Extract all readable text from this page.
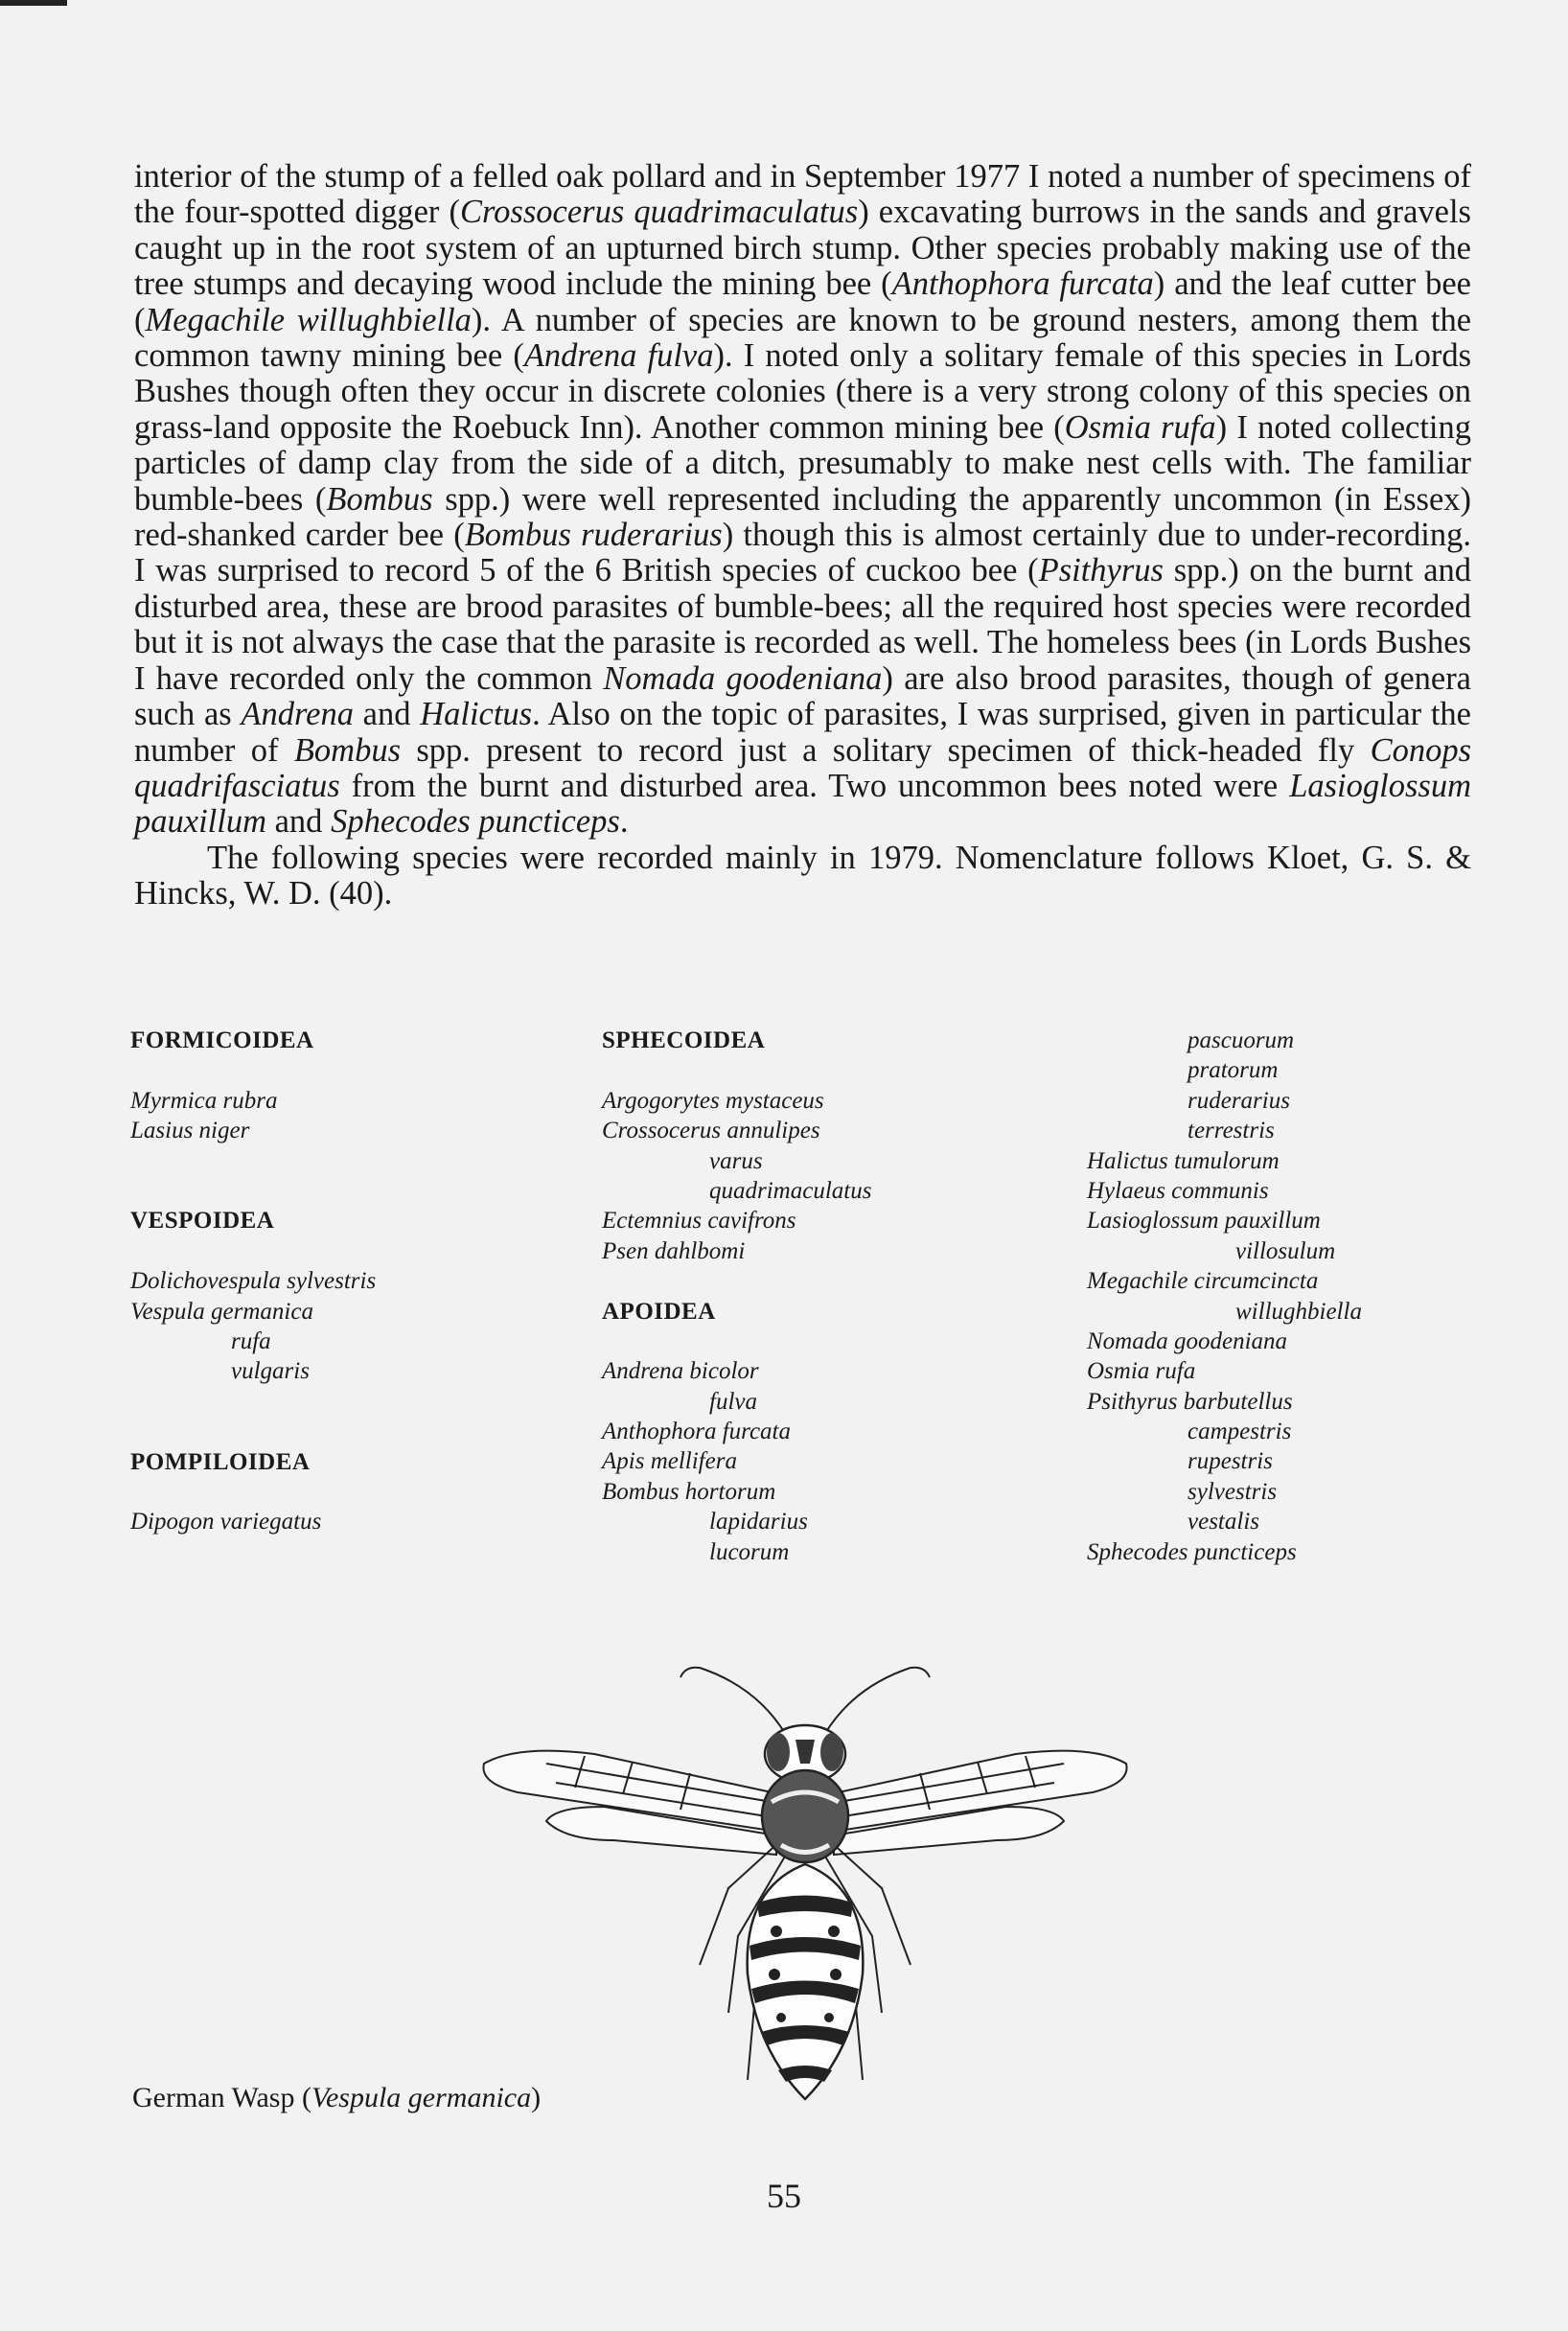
interior of the stump of a felled oak pollard and in September 1977 I noted a number of specimens of the four-spotted digger (Crossocerus quadrimaculatus) excavating burrows in the sands and gravels caught up in the root system of an upturned birch stump. Other species probably making use of the tree stumps and decaying wood include the mining bee (Anthophora furcata) and the leaf cutter bee (Megachile willughbiella). A number of species are known to be ground nesters, among them the common tawny mining bee (Andrena fulva). I noted only a solitary female of this species in Lords Bushes though often they occur in discrete colonies (there is a very strong colony of this species on grass-land opposite the Roebuck Inn). Another common mining bee (Osmia rufa) I noted collecting particles of damp clay from the side of a ditch, presumably to make nest cells with. The familiar bumble-bees (Bombus spp.) were well represented including the apparently uncommon (in Essex) red-shanked carder bee (Bombus ruderarius) though this is almost certainly due to under-recording. I was surprised to record 5 of the 6 British species of cuckoo bee (Psithyrus spp.) on the burnt and disturbed area, these are brood parasites of bumble-bees; all the required host species were recorded but it is not always the case that the parasite is recorded as well. The homeless bees (in Lords Bushes I have recorded only the common Nomada goodeniana) are also brood parasites, though of genera such as Andrena and Halictus. Also on the topic of parasites, I was surprised, given in particular the number of Bombus spp. present to record just a solitary specimen of thick-headed fly Conops quadrifasciatus from the burnt and disturbed area. Two uncommon bees noted were Lasioglossum pauxillum and Sphecodes puncticeps.

The following species were recorded mainly in 1979. Nomenclature follows Kloet, G. S. & Hincks, W. D. (40).

FORMICOIDEA
Myrmica rubra
Lasius niger
VESPOIDEA
Dolichovespula sylvestris
Vespula germanica
rufa
vulgaris
POMPILOIDEA
Dipogon variegatus
SPHECOIDEA
Argogorytes mystaceus
Crossocerus annulipes
varus
quadrimaculatus
Ectemnius cavifrons
Psen dahlbomi
APOIDEA
Andrena bicolor
fulva
Anthophora furcata
Apis mellifera
Bombus hortorum
lapidarius
lucorum
pascuorum
pratorum
ruderarius
terrestris
Halictus tumulorum
Hylaeus communis
Lasioglossum pauxillum
villosulum
Megachile circumcincta
willughbiella
Nomada goodeniana
Osmia rufa
Psithyrus barbutellus
campestris
rupestris
sylvestris
vestalis
Sphecodes puncticeps
German Wasp (Vespula germanica)
55
